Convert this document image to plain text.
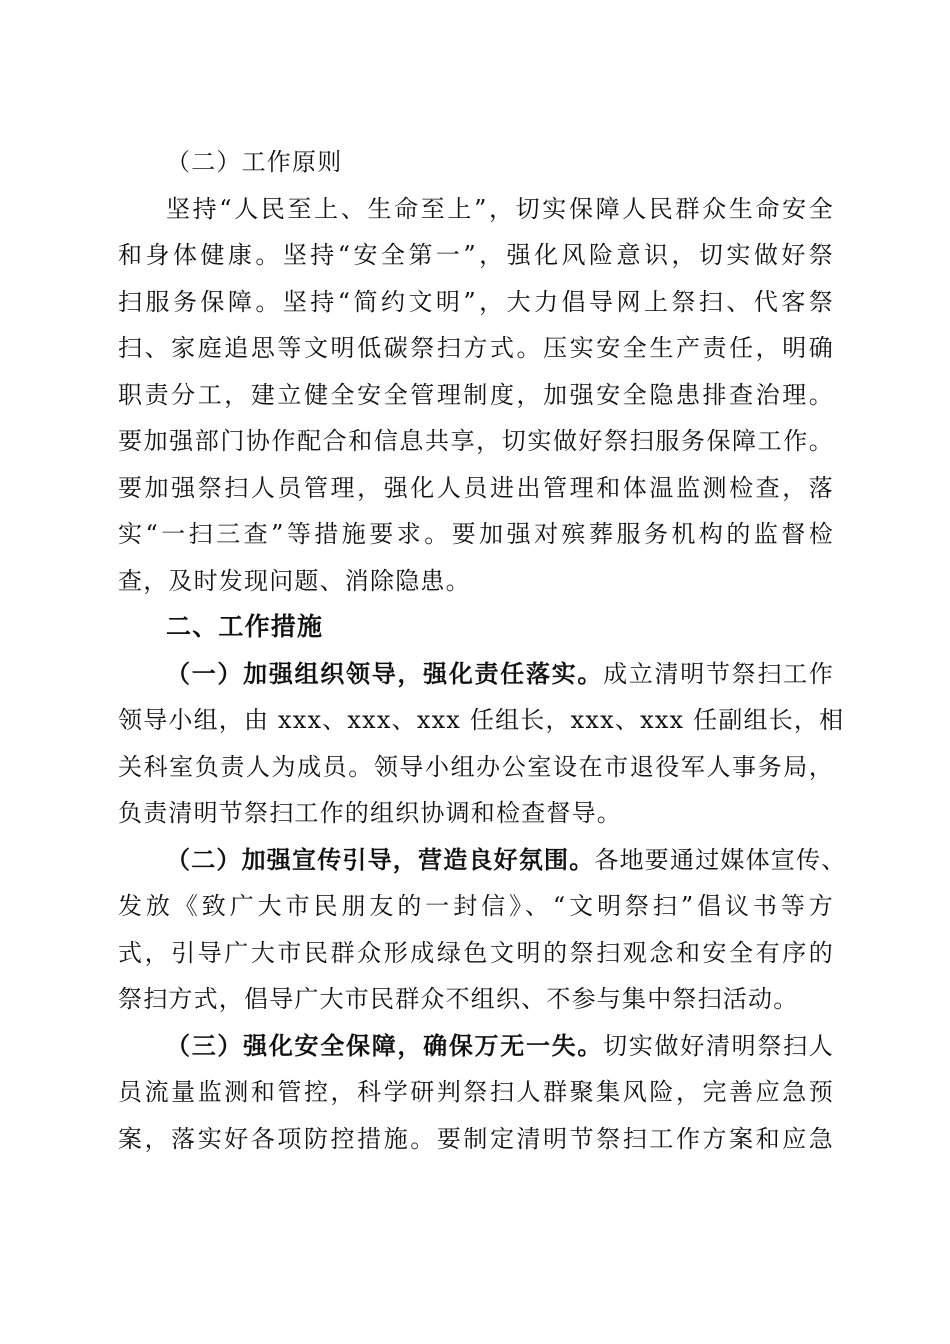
（二）工作原则
坚持“人民至上、生命至上”，切实保障人民群众生命安全
和身体健康。坚持“安全第一”，强化风险意识，切实做好祭
扫服务保障。坚持“简约文明”，大力倡导网上祭扫、代客祭
扫、家庭追思等文明低碳祭扫方式。压实安全生产责任，明确
职责分工，建立健全安全管理制度，加强安全隐患排查治理。
要加强部门协作配合和信息共享，切实做好祭扫服务保障工作。
要加强祭扫人员管理，强化人员进出管理和体温监测检查，落
实“一扫三查”等措施要求。要加强对殡葬服务机构的监督检
查，及时发现问题、消除隐患。
二、工作措施
（一）加强组织领导，强化责任落实。成立清明节祭扫工作
领导小组，由 xxx、xxx、xxx 任组长，xxx、xxx 任副组长，相
关科室负责人为成员。领导小组办公室设在市退役军人事务局，
负责清明节祭扫工作的组织协调和检查督导。
（二）加强宣传引导，营造良好氛围。各地要通过媒体宣传、
发放《致广大市民朋友的一封信》、“文明祭扫”倡议书等方
式，引导广大市民群众形成绿色文明的祭扫观念和安全有序的
祭扫方式，倡导广大市民群众不组织、不参与集中祭扫活动。
（三）强化安全保障，确保万无一失。切实做好清明祭扫人
员流量监测和管控，科学研判祭扫人群聚集风险，完善应急预
案，落实好各项防控措施。要制定清明节祭扫工作方案和应急
